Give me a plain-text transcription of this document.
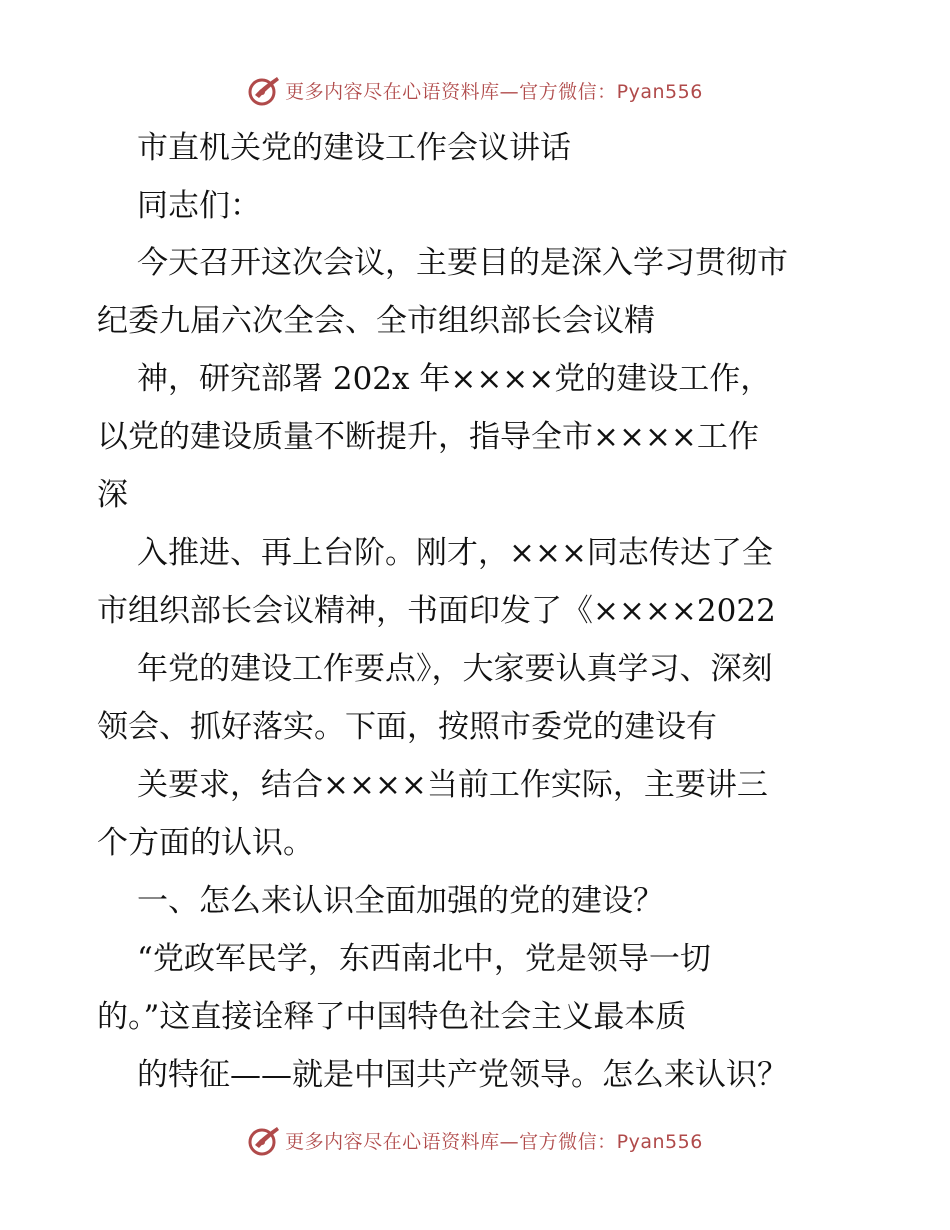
更多内容尽在心语资料库—官方微信：Pyan556
市直机关党的建设工作会议讲话
同志们：
今天召开这次会议，主要目的是深入学习贯彻市
纪委九届六次全会、全市组织部长会议精
神，研究部署 202x 年××××党的建设工作，
以党的建设质量不断提升，指导全市××××工作
深
入推进、再上台阶。刚才，×××同志传达了全
市组织部长会议精神，书面印发了《××××2022
年党的建设工作要点》，大家要认真学习、深刻
领会、抓好落实。下面，按照市委党的建设有
关要求，结合××××当前工作实际，主要讲三
个方面的认识。
一、怎么来认识全面加强的党的建设？
“党政军民学，东西南北中，党是领导一切
的。”这直接诠释了中国特色社会主义最本质
的特征——就是中国共产党领导。怎么来认识？
更多内容尽在心语资料库—官方微信：Pyan556
